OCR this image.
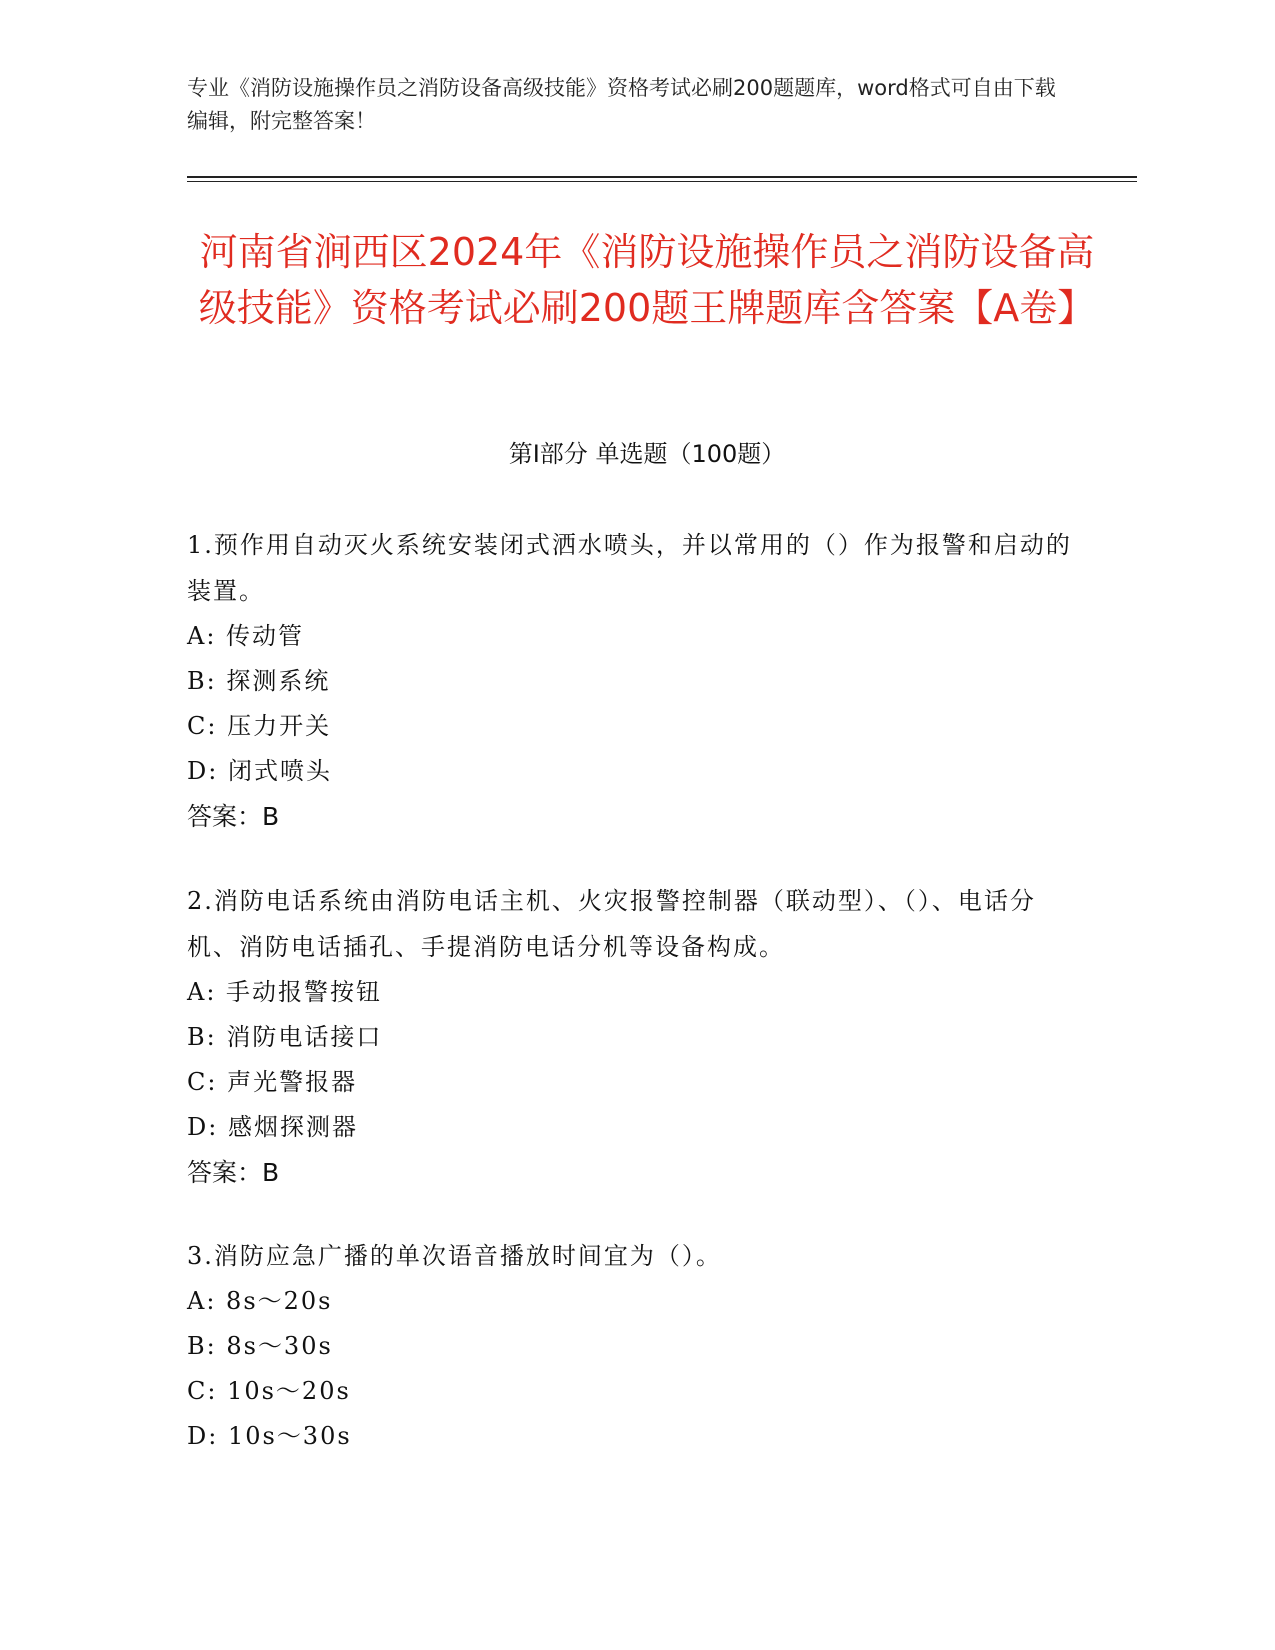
专业《消防设施操作员之消防设备高级技能》资格考试必刷200题题库，word格式可自由下载编辑，附完整答案！
河南省涧西区2024年《消防设施操作员之消防设备高级技能》资格考试必刷200题王牌题库含答案【A卷】
第Ⅰ部分 单选题（100题）

1.预作用自动灭火系统安装闭式洒水喷头，并以常用的（）作为报警和启动的装置。

A: 传动管

B: 探测系统

C: 压力开关

D: 闭式喷头

答案：B

2.消防电话系统由消防电话主机、火灾报警控制器（联动型）、（）、电话分机、消防电话插孔、手提消防电话分机等设备构成。

A: 手动报警按钮

B: 消防电话接口

C: 声光警报器

D: 感烟探测器

答案：B

3.消防应急广播的单次语音播放时间宜为（）。

A: 8s～20s

B: 8s～30s

C: 10s～20s

D: 10s～30s
